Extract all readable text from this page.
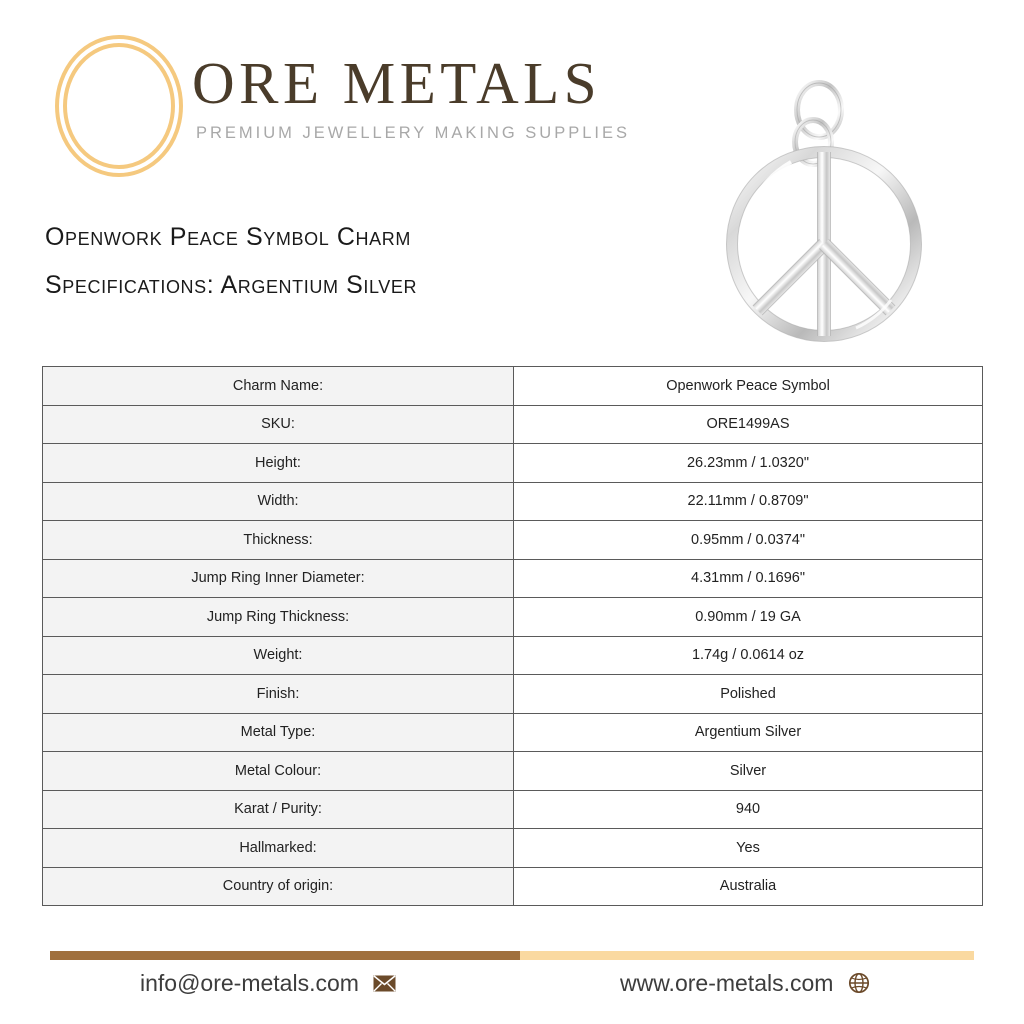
ORE METALS
PREMIUM JEWELLERY MAKING SUPPLIES
Openwork Peace Symbol Charm
Specifications: Argentium Silver
Charm Name:	Openwork Peace Symbol
SKU:	ORE1499AS
Height:	26.23mm / 1.0320"
Width:	22.11mm / 0.8709"
Thickness:	0.95mm / 0.0374"
Jump Ring Inner Diameter:	4.31mm / 0.1696"
Jump Ring Thickness:	0.90mm / 19 GA
Weight:	1.74g / 0.0614 oz
Finish:	Polished
Metal Type:	Argentium Silver
Metal Colour:	Silver
Karat / Purity:	940
Hallmarked:	Yes
Country of origin:	Australia
info@ore-metals.com	www.ore-metals.com
